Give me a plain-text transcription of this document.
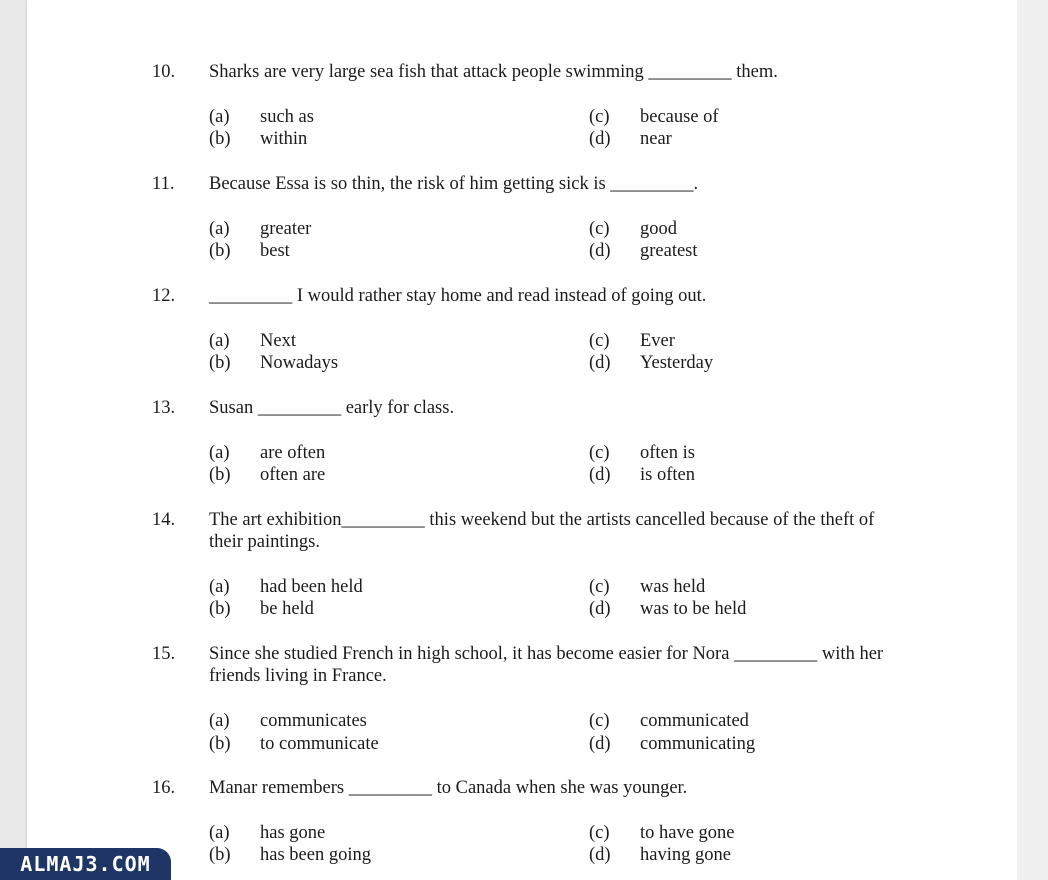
10. Sharks are very large sea fish that attack people swimming _________ them.
(a) such as
(b) within
(c) because of
(d) near
11. Because Essa is so thin, the risk of him getting sick is _________.
(a) greater
(b) best
(c) good
(d) greatest
12. _________ I would rather stay home and read instead of going out.
(a) Next
(b) Nowadays
(c) Ever
(d) Yesterday
13. Susan _________ early for class.
(a) are often
(b) often are
(c) often is
(d) is often
14. The art exhibition_________ this weekend but the artists cancelled because of the theft of their paintings.
(a) had been held
(b) be held
(c) was held
(d) was to be held
15. Since she studied French in high school, it has become easier for Nora _________ with her friends living in France.
(a) communicates
(b) to communicate
(c) communicated
(d) communicating
16. Manar remembers _________ to Canada when she was younger.
(a) has gone
(b) has been going
(c) to have gone
(d) having gone
ALMAJ3.COM
